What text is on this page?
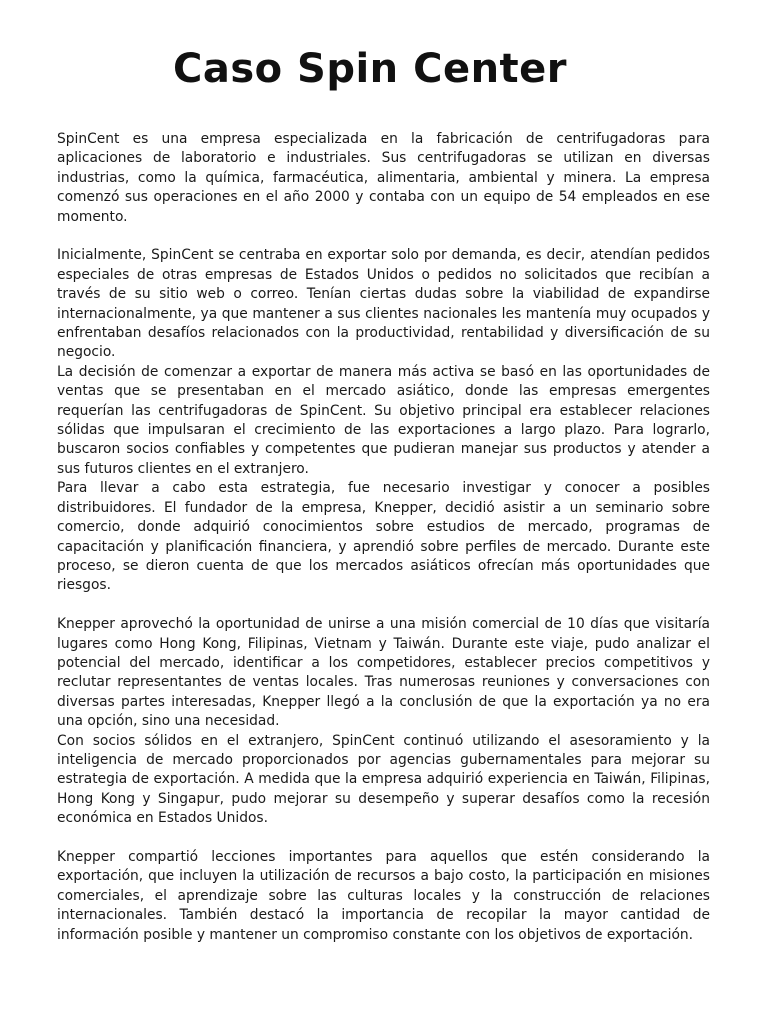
Caso Spin Center

SpinCent es una empresa especializada en la fabricación de centrifugadoras para aplicaciones de laboratorio e industriales. Sus centrifugadoras se utilizan en diversas industrias, como la química, farmacéutica, alimentaria, ambiental y minera. La empresa comenzó sus operaciones en el año 2000 y contaba con un equipo de 54 empleados en ese momento.

Inicialmente, SpinCent se centraba en exportar solo por demanda, es decir, atendían pedidos especiales de otras empresas de Estados Unidos o pedidos no solicitados que recibían a través de su sitio web o correo. Tenían ciertas dudas sobre la viabilidad de expandirse internacionalmente, ya que mantener a sus clientes nacionales les mantenía muy ocupados y enfrentaban desafíos relacionados con la productividad, rentabilidad y diversificación de su negocio.

La decisión de comenzar a exportar de manera más activa se basó en las oportunidades de ventas que se presentaban en el mercado asiático, donde las empresas emergentes requerían las centrifugadoras de SpinCent. Su objetivo principal era establecer relaciones sólidas que impulsaran el crecimiento de las exportaciones a largo plazo. Para lograrlo, buscaron socios confiables y competentes que pudieran manejar sus productos y atender a sus futuros clientes en el extranjero.

Para llevar a cabo esta estrategia, fue necesario investigar y conocer a posibles distribuidores. El fundador de la empresa, Knepper, decidió asistir a un seminario sobre comercio, donde adquirió conocimientos sobre estudios de mercado, programas de capacitación y planificación financiera, y aprendió sobre perfiles de mercado. Durante este proceso, se dieron cuenta de que los mercados asiáticos ofrecían más oportunidades que riesgos.

Knepper aprovechó la oportunidad de unirse a una misión comercial de 10 días que visitaría lugares como Hong Kong, Filipinas, Vietnam y Taiwán. Durante este viaje, pudo analizar el potencial del mercado, identificar a los competidores, establecer precios competitivos y reclutar representantes de ventas locales. Tras numerosas reuniones y conversaciones con diversas partes interesadas, Knepper llegó a la conclusión de que la exportación ya no era una opción, sino una necesidad.

Con socios sólidos en el extranjero, SpinCent continuó utilizando el asesoramiento y la inteligencia de mercado proporcionados por agencias gubernamentales para mejorar su estrategia de exportación. A medida que la empresa adquirió experiencia en Taiwán, Filipinas, Hong Kong y Singapur, pudo mejorar su desempeño y superar desafíos como la recesión económica en Estados Unidos.

Knepper compartió lecciones importantes para aquellos que estén considerando la exportación, que incluyen la utilización de recursos a bajo costo, la participación en misiones comerciales, el aprendizaje sobre las culturas locales y la construcción de relaciones internacionales. También destacó la importancia de recopilar la mayor cantidad de información posible y mantener un compromiso constante con los objetivos de exportación.
